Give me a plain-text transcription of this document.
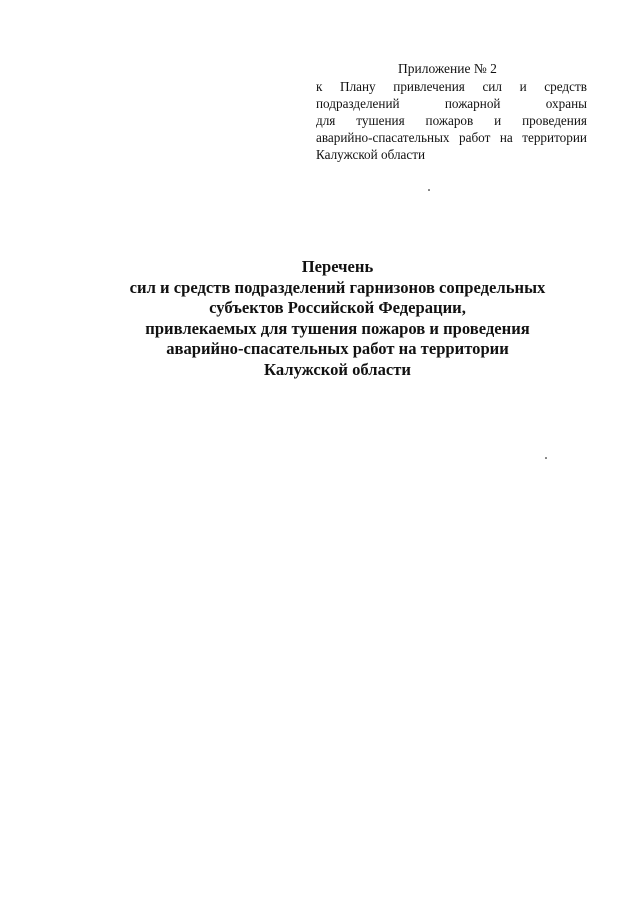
Приложение № 2
к Плану привлечения сил и средств
подразделений	пожарной	охраны
для тушения пожаров и проведения
аварийно-спасательных работ на территории
Калужской области
Перечень
сил и средств подразделений гарнизонов сопредельных
субъектов Российской Федерации,
привлекаемых для тушения пожаров и проведения
аварийно-спасательных работ на территории
Калужской области
